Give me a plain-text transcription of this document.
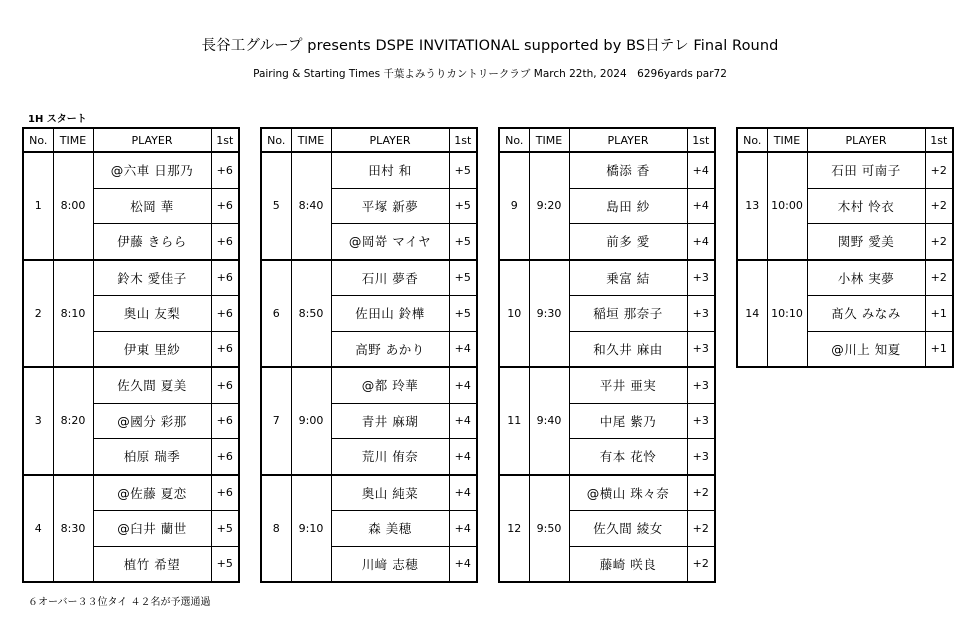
長谷工グループ presents DSPE INVITATIONAL supported by BS日テレ Final Round
Pairing & Starting Times 千葉よみうりカントリークラブ March 22th, 2024　6296yards par72
1H スタート
No.	TIME	PLAYER	1st
1	8:00	@六車 日那乃	+6
		松岡 華	+6
		伊藤 きらら	+6
2	8:10	鈴木 愛佳子	+6
		奥山 友梨	+6
		伊東 里紗	+6
3	8:20	佐久間 夏美	+6
		@國分 彩那	+6
		柏原 瑞季	+6
4	8:30	@佐藤 夏恋	+6
		@臼井 蘭世	+5
		植竹 希望	+5
No.	TIME	PLAYER	1st
5	8:40	田村 和	+5
		平塚 新夢	+5
		@岡嵜 マイヤ	+5
6	8:50	石川 夢香	+5
		佐田山 鈴樺	+5
		高野 あかり	+4
7	9:00	@都 玲華	+4
		青井 麻瑚	+4
		荒川 侑奈	+4
8	9:10	奥山 純菜	+4
		森 美穂	+4
		川﨑 志穂	+4
No.	TIME	PLAYER	1st
9	9:20	橋添 香	+4
		島田 紗	+4
		前多 愛	+4
10	9:30	乗富 結	+3
		稲垣 那奈子	+3
		和久井 麻由	+3
11	9:40	平井 亜実	+3
		中尾 紫乃	+3
		有本 花怜	+3
12	9:50	@横山 珠々奈	+2
		佐久間 綾女	+2
		藤崎 咲良	+2
No.	TIME	PLAYER	1st
13	10:00	石田 可南子	+2
		木村 怜衣	+2
		関野 愛美	+2
14	10:10	小林 実夢	+2
		髙久 みなみ	+1
		@川上 知夏	+1
６オーバー３３位タイ ４２名が予選通過
